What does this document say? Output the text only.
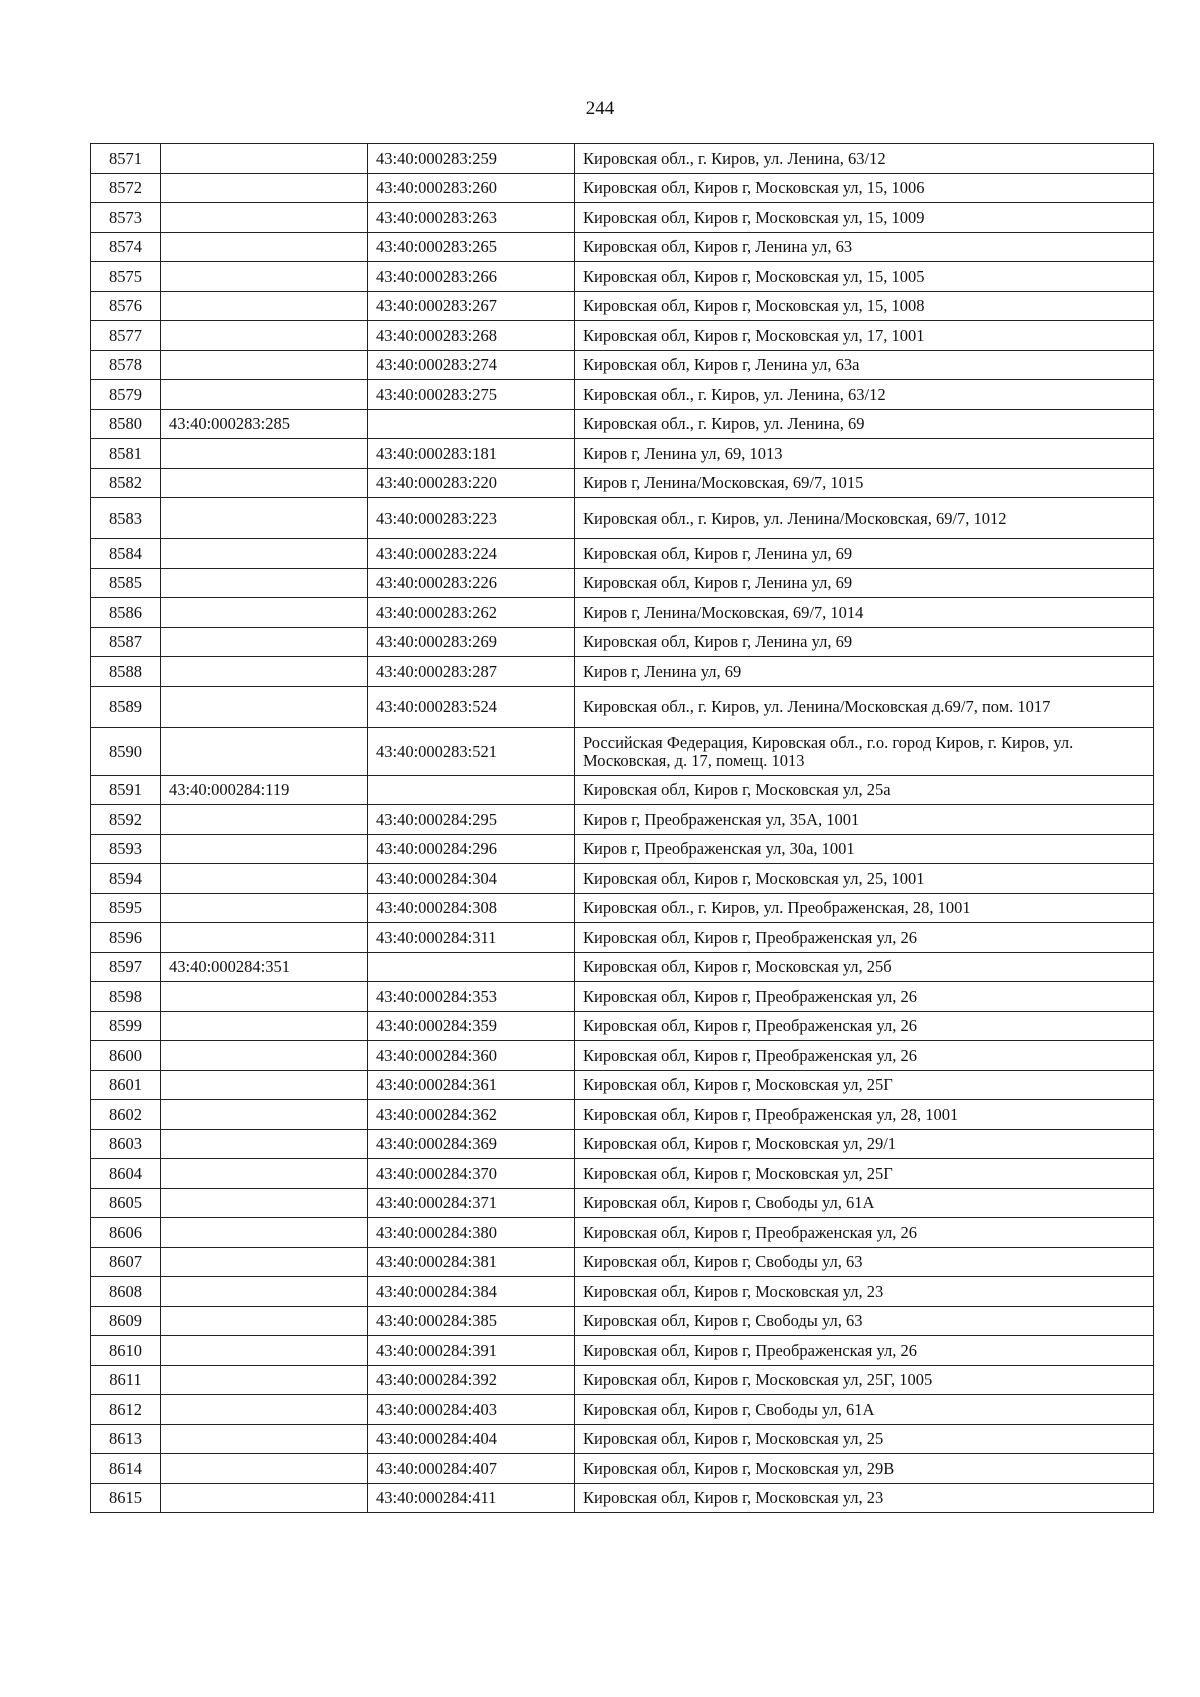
244
8571		43:40:000283:259	Кировская обл., г. Киров, ул. Ленина, 63/12
8572		43:40:000283:260	Кировская обл, Киров г, Московская ул, 15, 1006
8573		43:40:000283:263	Кировская обл, Киров г, Московская ул, 15, 1009
8574		43:40:000283:265	Кировская обл, Киров г, Ленина ул, 63
8575		43:40:000283:266	Кировская обл, Киров г, Московская ул, 15, 1005
8576		43:40:000283:267	Кировская обл, Киров г, Московская ул, 15, 1008
8577		43:40:000283:268	Кировская обл, Киров г, Московская ул, 17, 1001
8578		43:40:000283:274	Кировская обл, Киров г, Ленина ул, 63а
8579		43:40:000283:275	Кировская обл., г. Киров, ул. Ленина, 63/12
8580	43:40:000283:285		Кировская обл., г. Киров, ул. Ленина, 69
8581		43:40:000283:181	Киров г, Ленина ул, 69, 1013
8582		43:40:000283:220	Киров г, Ленина/Московская, 69/7, 1015
8583		43:40:000283:223	Кировская обл., г. Киров, ул. Ленина/Московская, 69/7, 1012
8584		43:40:000283:224	Кировская обл, Киров г, Ленина ул, 69
8585		43:40:000283:226	Кировская обл, Киров г, Ленина ул, 69
8586		43:40:000283:262	Киров г, Ленина/Московская, 69/7, 1014
8587		43:40:000283:269	Кировская обл, Киров г, Ленина ул, 69
8588		43:40:000283:287	Киров г, Ленина ул, 69
8589		43:40:000283:524	Кировская обл., г. Киров, ул. Ленина/Московская д.69/7, пом. 1017
8590		43:40:000283:521	Российская Федерация, Кировская обл., г.о. город Киров, г. Киров, ул. Московская, д. 17, помещ. 1013
8591	43:40:000284:119		Кировская обл, Киров г, Московская ул, 25а
8592		43:40:000284:295	Киров г, Преображенская ул, 35А, 1001
8593		43:40:000284:296	Киров г, Преображенская ул, 30а, 1001
8594		43:40:000284:304	Кировская обл, Киров г, Московская ул, 25, 1001
8595		43:40:000284:308	Кировская обл., г. Киров, ул. Преображенская, 28, 1001
8596		43:40:000284:311	Кировская обл, Киров г, Преображенская ул, 26
8597	43:40:000284:351		Кировская обл, Киров г, Московская ул, 25б
8598		43:40:000284:353	Кировская обл, Киров г, Преображенская ул, 26
8599		43:40:000284:359	Кировская обл, Киров г, Преображенская ул, 26
8600		43:40:000284:360	Кировская обл, Киров г, Преображенская ул, 26
8601		43:40:000284:361	Кировская обл, Киров г, Московская ул, 25Г
8602		43:40:000284:362	Кировская обл, Киров г, Преображенская ул, 28, 1001
8603		43:40:000284:369	Кировская обл, Киров г, Московская ул, 29/1
8604		43:40:000284:370	Кировская обл, Киров г, Московская ул, 25Г
8605		43:40:000284:371	Кировская обл, Киров г, Свободы ул, 61А
8606		43:40:000284:380	Кировская обл, Киров г, Преображенская ул, 26
8607		43:40:000284:381	Кировская обл, Киров г, Свободы ул, 63
8608		43:40:000284:384	Кировская обл, Киров г, Московская ул, 23
8609		43:40:000284:385	Кировская обл, Киров г, Свободы ул, 63
8610		43:40:000284:391	Кировская обл, Киров г, Преображенская ул, 26
8611		43:40:000284:392	Кировская обл, Киров г, Московская ул, 25Г, 1005
8612		43:40:000284:403	Кировская обл, Киров г, Свободы ул, 61А
8613		43:40:000284:404	Кировская обл, Киров г, Московская ул, 25
8614		43:40:000284:407	Кировская обл, Киров г, Московская ул, 29В
8615		43:40:000284:411	Кировская обл, Киров г, Московская ул, 23
